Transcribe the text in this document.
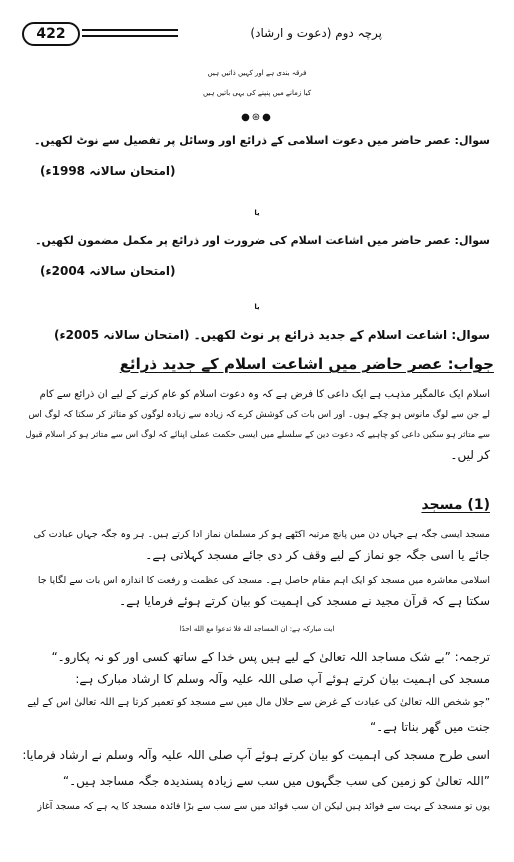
422	پرچہ دوم (دعوت و ارشاد)
فرقہ بندی ہے اور کہیں ذاتیں ہیں
کیا زمانے میں پنپنے کی یہی باتیں ہیں
●⊛●
سوال: عصر حاضر میں دعوت اسلامی کے ذرائع اور وسائل پر تفصیل سے نوٹ لکھیں۔
(امتحان سالانہ 1998ء)
یا
سوال: عصر حاضر میں اشاعت اسلام کی ضرورت اور ذرائع پر مکمل مضمون لکھیں۔
(امتحان سالانہ 2004ء)
یا
سوال: اشاعت اسلام کے جدید ذرائع پر نوٹ لکھیں۔ (امتحان سالانہ 2005ء)
جواب: عصر حاضر میں اشاعت اسلام کے جدید ذرائع
اسلام ایک عالمگیر مذہب ہے ایک داعی کا فرض ہے کہ وہ دعوت اسلام کو عام کرنے کے لیے ان ذرائع سے کام
لے جن سے لوگ مانوس ہو چکے ہوں۔ اور اس بات کی کوشش کرے کہ زیادہ سے زیادہ لوگوں کو متاثر کر سکتا کہ لوگ اس
سے متاثر ہو سکیں داعی کو چاہیے کہ دعوت دین کے سلسلے میں ایسی حکمت عملی اپنائے کہ لوگ اس سے متاثر ہو کر اسلام قبول
کر لیں۔
(1) مسجد
مسجد ایسی جگہ ہے جہاں دن میں پانچ مرتبہ اکٹھے ہو کر مسلمان نماز ادا کرتے ہیں۔ ہر وہ جگہ جہاں عبادت کی
جائے یا اسی جگہ جو نماز کے لیے وقف کر دی جائے مسجد کہلاتی ہے۔
اسلامی معاشرہ میں مسجد کو ایک اہم مقام حاصل ہے۔ مسجد کی عظمت و رفعت کا اندازہ اس بات سے لگایا جا
سکتا ہے کہ قرآن مجید نے مسجد کی اہمیت کو بیان کرتے ہوئے فرمایا ہے۔
ایت مبارکہ ہے: ان المساجد لله فلا تدعوا مع الله احدًا
ترجمہ: ”بے شک مساجد اللہ تعالیٰ کے لیے ہیں پس خدا کے ساتھ کسی اور کو نہ پکارو۔“
مسجد کی اہمیت بیان کرتے ہوئے آپ صلی اللہ علیہ وآلہ وسلم کا ارشاد مبارک ہے:
”جو شخص اللہ تعالیٰ کی عبادت کے غرض سے حلال مال میں سے مسجد کو تعمیر کرتا ہے اللہ تعالیٰ اس کے لیے
جنت میں گھر بناتا ہے۔“
اسی طرح مسجد کی اہمیت کو بیان کرتے ہوئے آپ صلی اللہ علیہ وآلہ وسلم نے ارشاد فرمایا:
”اللہ تعالیٰ کو زمین کی سب جگہوں میں سب سے زیادہ پسندیدہ جگہ مساجد ہیں۔“
یوں تو مسجد کے بہت سے فوائد ہیں لیکن ان سب فوائد میں سے سب سے بڑا فائدہ مسجد کا یہ ہے کہ مسجد آغاز
